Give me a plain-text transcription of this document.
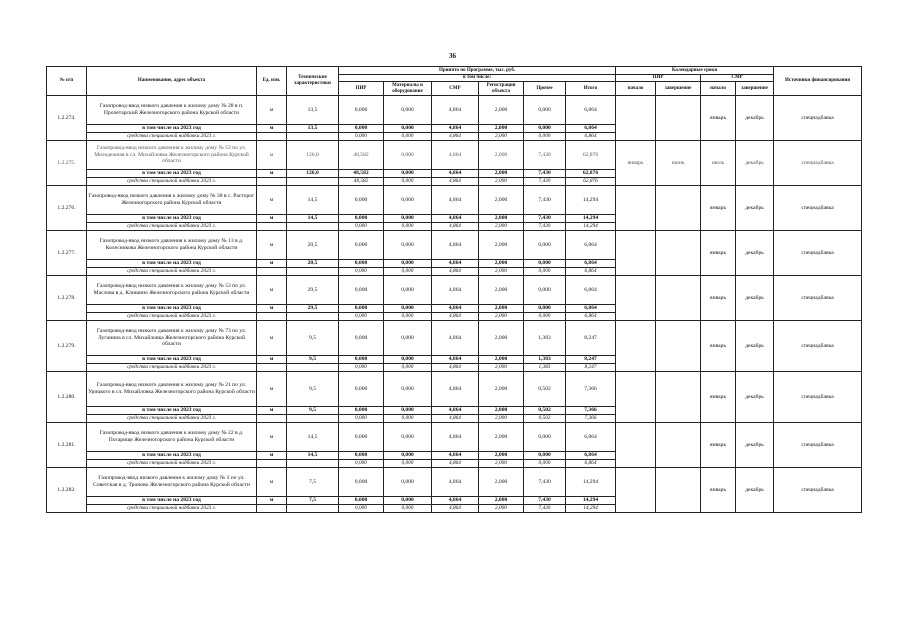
36
№ п/п	Наименование, адрес объекта	Ед. изм.	Технические характеристики	Принято по Программе, тыс. руб.						Календарные сроки				Источники финансирования
				в том числе:						ПИР		СМР		
				ПИР	Материалы и оборудование	СМР	Регистрация объекта	Прочее	Итого	начало	завершение	начало	завершение	
1.2.274.	Газопровод-ввод низкого давления к жилому дому № 28 в п. Пролетарский Железногорского района Курской области	м	13,5	0,000	0,000	4,864	2,000	0,000	6,864			январь	декабрь	спецнадбавка
	в том числе на 2023 год	м	13,5	0,000	0,000	4,864	2,000	0,000	6,864					
	средства специальной надбавки 2023 г.			0,000	0,000	4,864	2,000	0,000	6,864					
1.2.275.	Газопровод-ввод низкого давления к жилому дому № 53 по ул. Молодежная в сл. Михайловка Железногорского района Курской области	м	126,0	48,582	0,000	4,864	2,000	7,430	62,876	январь	июнь	июль	декабрь	спецнадбавка
	в том числе на 2023 год	м	126,0	48,582	0,000	4,864	2,000	7,430	62,876					
	средства специальной надбавки 2023 г.			48,582	0,000	4,864	2,000	7,430	62,876					
1.2.276.	Газопровод-ввод низкого давления к жилому дому № 38 в с. Расторог Железногорского района Курской области	м	14,5	0,000	0,000	4,864	2,000	7,430	14,294			январь	декабрь	спецнадбавка
	в том числе на 2023 год	м	14,5	0,000	0,000	4,864	2,000	7,430	14,294					
	средства специальной надбавки 2023 г.			0,000	0,000	4,864	2,000	7,430	14,294					
1.2.277.	Газопровод-ввод низкого давления к жилому дому № 13 в д. Колесникова Железногорского района Курской области	м	20,5	0,000	0,000	4,864	2,000	0,000	6,864			январь	декабрь	спецнадбавка
	в том числе на 2023 год	м	20,5	0,000	0,000	4,864	2,000	0,000	6,864					
	средства специальной надбавки 2023 г.			0,000	0,000	4,864	2,000	0,000	6,864					
1.2.278.	Газопровод-ввод низкого давления к жилому дому № 53 по ул. Маслова в д. Клишино Железногорского района Курской области	м	29,5	0,000	0,000	4,864	2,000	0,000	6,864			январь	декабрь	спецнадбавка
	в том числе на 2023 год	м	29,5	0,000	0,000	4,864	2,000	0,000	6,864					
	средства специальной надбавки 2023 г.			0,000	0,000	4,864	2,000	0,000	6,864					
1.2.279.	Газопровод-ввод низкого давления к жилому дому № 73 по ул. Луганина в сл. Михайловка Железногорского района Курской области	м	9,5	0,000	0,000	4,864	2,000	1,383	8,247			январь	декабрь	спецнадбавка
	в том числе на 2023 год	м	9,5	0,000	0,000	4,864	2,000	1,383	8,247					
	средства специальной надбавки 2023 г.			0,000	0,000	4,864	2,000	1,383	8,247					
1.2.280.	Газопровод-ввод низкого давления к жилому дому № 21 по ул. Урицкого в сл. Михайловка Железногорского района Курской области	м	9,5	0,000	0,000	4,864	2,000	0,502	7,366			январь	декабрь	спецнадбавка
	в том числе на 2023 год	м	9,5	0,000	0,000	4,864	2,000	0,502	7,366					
	средства специальной надбавки 2023 г.			0,000	0,000	4,864	2,000	0,502	7,366					
1.2.281.	Газопровод-ввод низкого давления к жилому дому № 22 в д. Погарище Железногорского района Курской области	м	14,5	0,000	0,000	4,864	2,000	0,000	6,864			январь	декабрь	спецнадбавка
	в том числе на 2023 год	м	14,5	0,000	0,000	4,864	2,000	0,000	6,864					
	средства специальной надбавки 2023 г.			0,000	0,000	4,864	2,000	0,000	6,864					
1.2.282.	Газопровод-ввод низкого давления к жилому дому № 3 по ул. Советская в д. Троново Железногорского района Курской области	м	7,5	0,000	0,000	4,864	2,000	7,430	14,294			январь	декабрь	спецнадбавка
	в том числе на 2023 год	м	7,5	0,000	0,000	4,864	2,000	7,430	14,294					
	средства специальной надбавки 2023 г.			0,000	0,000	4,864	2,000	7,430	14,294					
